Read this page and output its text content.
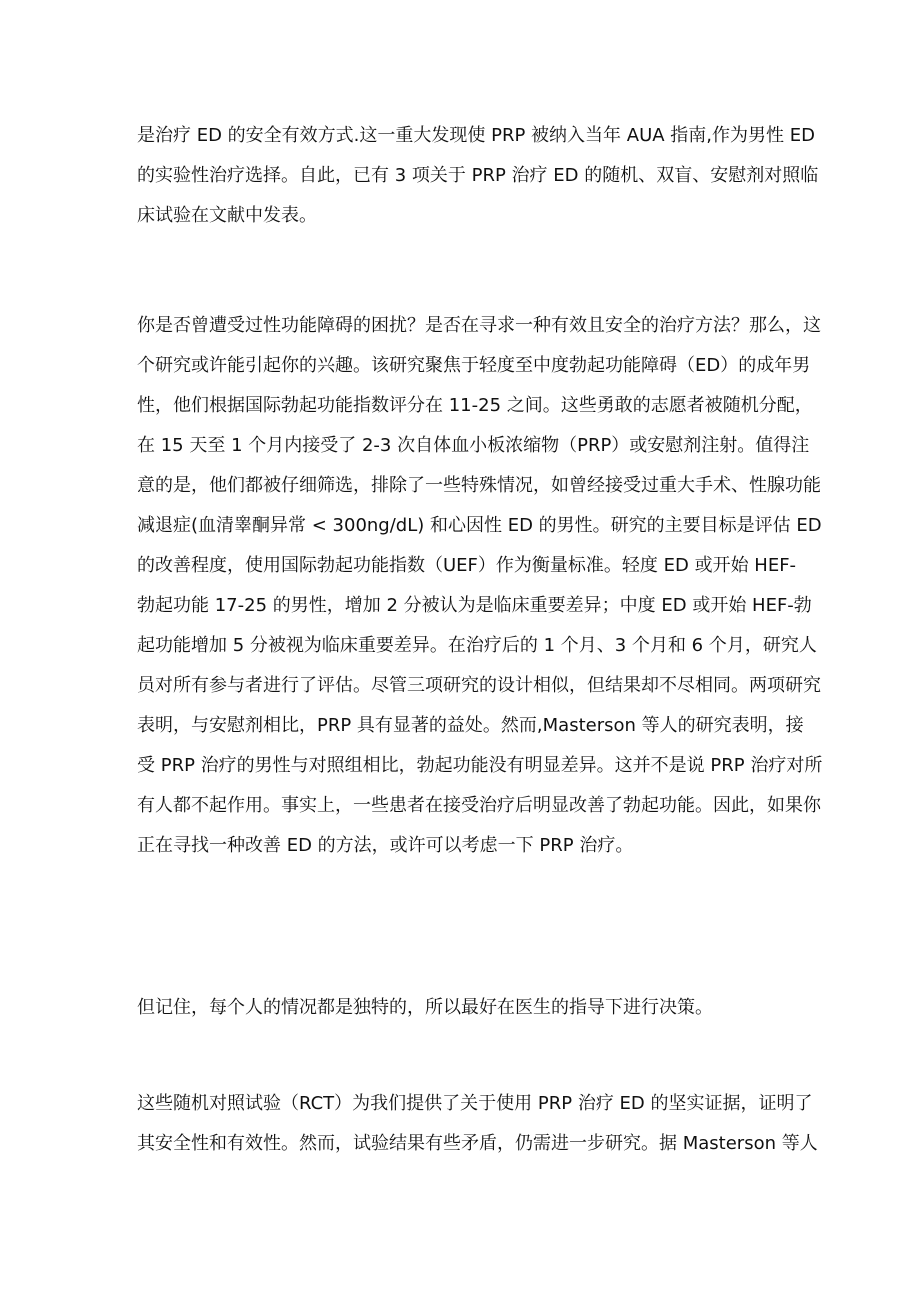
是治疗 ED 的安全有效方式.这一重大发现使 PRP 被纳入当年 AUA 指南,作为男性 ED
的实验性治疗选择。自此，已有 3 项关于 PRP 治疗 ED 的随机、双盲、安慰剂对照临
床试验在文献中发表。
你是否曾遭受过性功能障碍的困扰？是否在寻求一种有效且安全的治疗方法？那么，这
个研究或许能引起你的兴趣。该研究聚焦于轻度至中度勃起功能障碍（ED）的成年男
性，他们根据国际勃起功能指数评分在 11-25 之间。这些勇敢的志愿者被随机分配，
在 15 天至 1 个月内接受了 2-3 次自体血小板浓缩物（PRP）或安慰剂注射。值得注
意的是，他们都被仔细筛选，排除了一些特殊情况，如曾经接受过重大手术、性腺功能
减退症(血清睾酮异常 < 300ng/dL) 和心因性 ED 的男性。研究的主要目标是评估 ED
的改善程度，使用国际勃起功能指数（UEF）作为衡量标准。轻度 ED 或开始 HEF-
勃起功能 17-25 的男性，增加 2 分被认为是临床重要差异；中度 ED 或开始 HEF-勃
起功能增加 5 分被视为临床重要差异。在治疗后的 1 个月、3 个月和 6 个月，研究人
员对所有参与者进行了评估。尽管三项研究的设计相似，但结果却不尽相同。两项研究
表明，与安慰剂相比，PRP 具有显著的益处。然而,Masterson 等人的研究表明，接
受 PRP 治疗的男性与对照组相比，勃起功能没有明显差异。这并不是说 PRP 治疗对所
有人都不起作用。事实上，一些患者在接受治疗后明显改善了勃起功能。因此，如果你
正在寻找一种改善 ED 的方法，或许可以考虑一下 PRP 治疗。
但记住，每个人的情况都是独特的，所以最好在医生的指导下进行决策。
这些随机对照试验（RCT）为我们提供了关于使用 PRP 治疗 ED 的坚实证据，证明了
其安全性和有效性。然而，试验结果有些矛盾，仍需进一步研究。据 Masterson 等人
